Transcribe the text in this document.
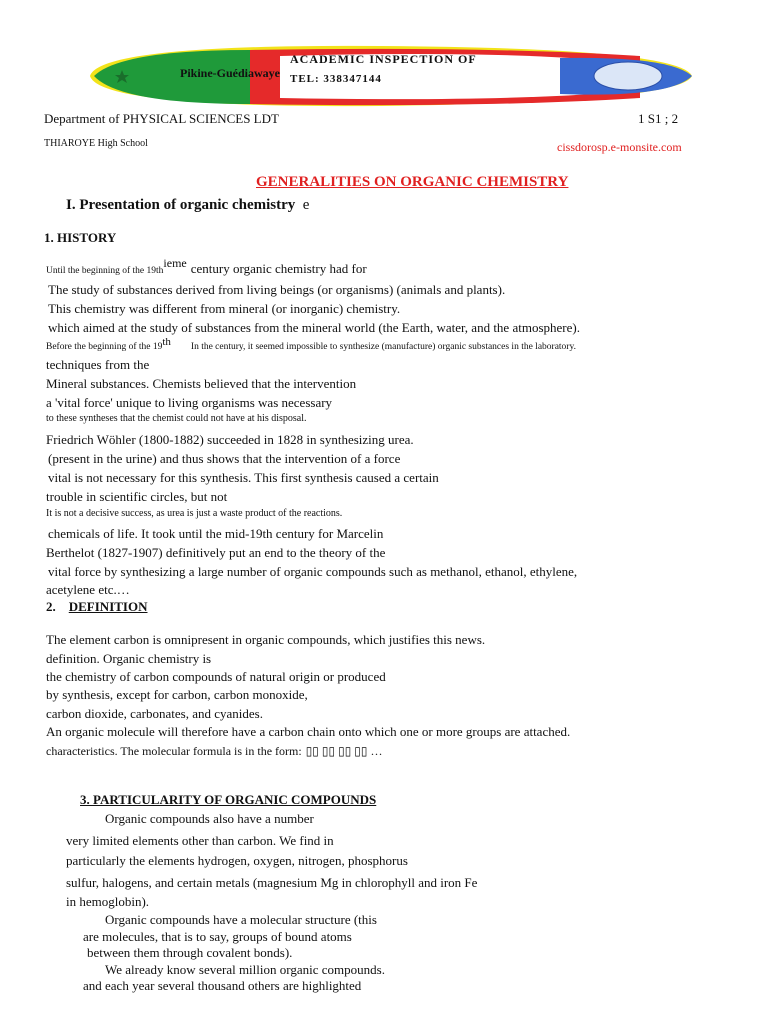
ACADEMIC INSPECTION OF
Pikine-Guédiawaye TEL: 338347144
Department of PHYSICAL SCIENCES LDT	1 S1 ; 2
THIAROYE High School	cissdorosp.e-monsite.com
GENERALITIES ON ORGANIC CHEMISTRY
I. Presentation of organic chemistry e
1. HISTORY
Until the beginning of the $19th^{ieme}$ century organic chemistry had for
The study of substances derived from living beings (or organisms) (animals and plants).
This chemistry was different from mineral (or inorganic) chemistry.
which aimed at the study of substances from the mineral world (the Earth, water, and the atmosphere).
Before the beginning of the 19th In the century, it seemed impossible to synthesize (manufacture) organic substances in the laboratory.
techniques from the
Mineral substances. Chemists believed that the intervention
a 'vital force' unique to living organisms was necessary
to these syntheses that the chemist could not have at his disposal.
Friedrich Wöhler (1800-1882) succeeded in 1828 in synthesizing urea.
(present in the urine) and thus shows that the intervention of a force
vital is not necessary for this synthesis. This first synthesis caused a certain
trouble in scientific circles, but not
It is not a decisive success, as urea is just a waste product of the reactions.
chemicals of life. It took until the mid-19th century for Marcelin
Berthelot (1827-1907) definitively put an end to the theory of the
vital force by synthesizing a large number of organic compounds such as methanol, ethanol, ethylene,
acetylene etc.…
2. DEFINITION
The element carbon is omnipresent in organic compounds, which justifies this news.
definition. Organic chemistry is
the chemistry of carbon compounds of natural origin or produced
by synthesis, except for carbon, carbon monoxide,
carbon dioxide, carbonates, and cyanides.
An organic molecule will therefore have a carbon chain onto which one or more groups are attached.
characteristics. The molecular formula is in the form: ▯▯ ▯▯ ▯▯ ▯▯ …
3. PARTICULARITY OF ORGANIC COMPOUNDS
Organic compounds also have a number
very limited elements other than carbon. We find in
particularly the elements hydrogen, oxygen, nitrogen, phosphorus
sulfur, halogens, and certain metals (magnesium Mg in chlorophyll and iron Fe
in hemoglobin).
Organic compounds have a molecular structure (this
are molecules, that is to say, groups of bound atoms
between them through covalent bonds).
We already know several million organic compounds.
and each year several thousand others are highlighted
